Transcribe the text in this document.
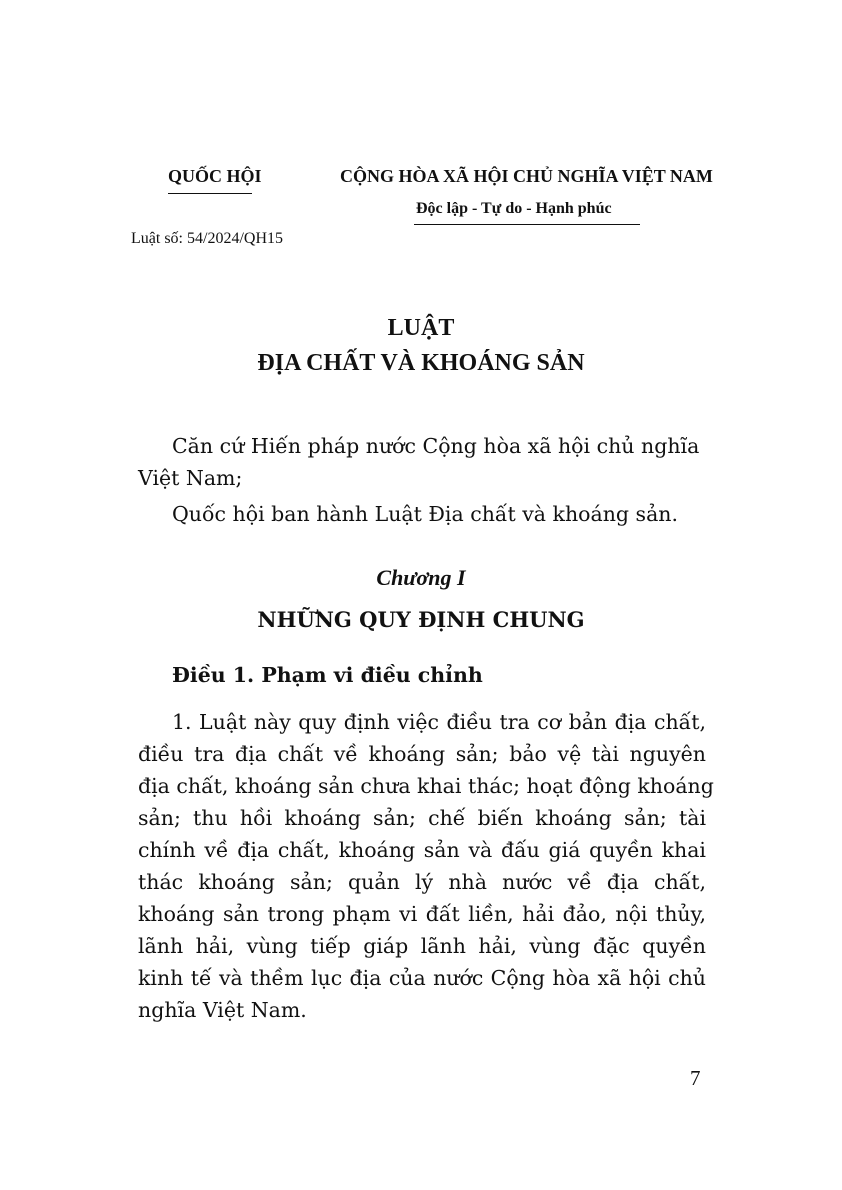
QUỐC HỘI	CỘNG HÒA XÃ HỘI CHỦ NGHĨA VIỆT NAM
Độc lập - Tự do - Hạnh phúc
Luật số: 54/2024/QH15
LUẬT
ĐỊA CHẤT VÀ KHOÁNG SẢN
Căn cứ Hiến pháp nước Cộng hòa xã hội chủ nghĩa Việt Nam;
Quốc hội ban hành Luật Địa chất và khoáng sản.
Chương I
NHỮNG QUY ĐỊNH CHUNG
Điều 1. Phạm vi điều chỉnh
1. Luật này quy định việc điều tra cơ bản địa chất,
điều tra địa chất về khoáng sản; bảo vệ tài nguyên
địa chất, khoáng sản chưa khai thác; hoạt động khoáng
sản; thu hồi khoáng sản; chế biến khoáng sản; tài
chính về địa chất, khoáng sản và đấu giá quyền khai
thác khoáng sản; quản lý nhà nước về địa chất,
khoáng sản trong phạm vi đất liền, hải đảo, nội thủy,
lãnh hải, vùng tiếp giáp lãnh hải, vùng đặc quyền
kinh tế và thềm lục địa của nước Cộng hòa xã hội chủ
nghĩa Việt Nam.
7
